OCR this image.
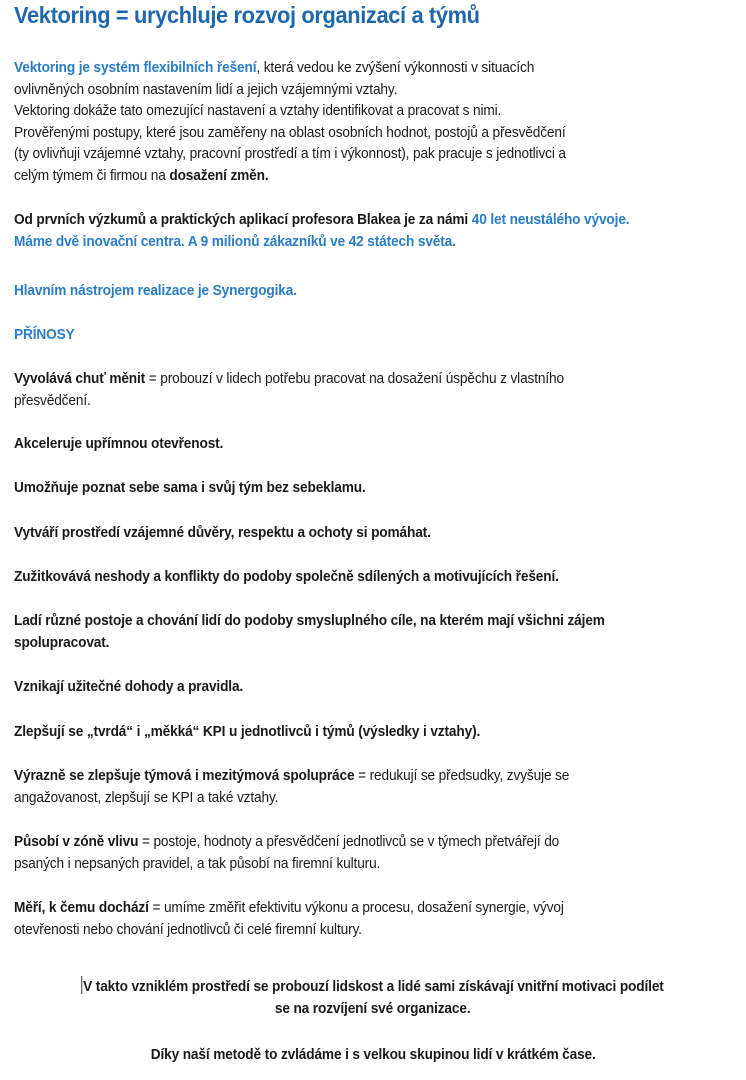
Vektoring = urychluje rozvoj organizací a týmů
Vektoring je systém flexibilních řešení, která vedou ke zvýšení výkonnosti v situacích
ovlivněných osobním nastavením lidí a jejich vzájemnými vztahy.
Vektoring dokáže tato omezující nastavení a vztahy identifikovat a pracovat s nimi.
Prověřenými postupy, které jsou zaměřeny na oblast osobních hodnot, postojů a přesvědčení
(ty ovlivňuji vzájemné vztahy, pracovní prostředí a tím i výkonnost), pak pracuje s jednotlivci a
celým týmem či firmou na dosažení změn.
Od prvních výzkumů a praktických aplikací profesora Blakea je za námi 40 let neustálého vývoje.
Máme dvě inovační centra. A 9 milionů zákazníků ve 42 státech světa.
Hlavním nástrojem realizace je Synergogika.
PŘÍNOSY
Vyvolává chuť měnit = probouzí v lidech potřebu pracovat na dosažení úspěchu z vlastního
přesvědčení.
Akceleruje upřímnou otevřenost.
Umožňuje poznat sebe sama i svůj tým bez sebeklamu.
Vytváří prostředí vzájemné důvěry, respektu a ochoty si pomáhat.
Zužitkovává neshody a konflikty do podoby společně sdílených a motivujících řešení.
Ladí různé postoje a chování lidí do podoby smysluplného cíle, na kterém mají všichni zájem
spolupracovat.
Vznikají užitečné dohody a pravidla.
Zlepšují se „tvrdá“ i „měkká“ KPI u jednotlivců i týmů (výsledky i vztahy).
Výrazně se zlepšuje týmová i mezitýmová spolupráce = redukují se předsudky, zvyšuje se
angažovanost, zlepšují se KPI a také vztahy.
Působí v zóně vlivu = postoje, hodnoty a přesvědčení jednotlivců se v týmech přetvářejí do
psaných i nepsaných pravidel, a tak působí na firemní kulturu.
Měří, k čemu dochází = umíme změřit efektivitu výkonu a procesu, dosažení synergie, vývoj
otevřenosti nebo chování jednotlivců či celé firemní kultury.
V takto vzniklém prostředí se probouzí lidskost a lidé sami získávají vnitřní motivaci podílet
se na rozvíjení své organizace.
Díky naší metodě to zvládáme i s velkou skupinou lidí v krátkém čase.
